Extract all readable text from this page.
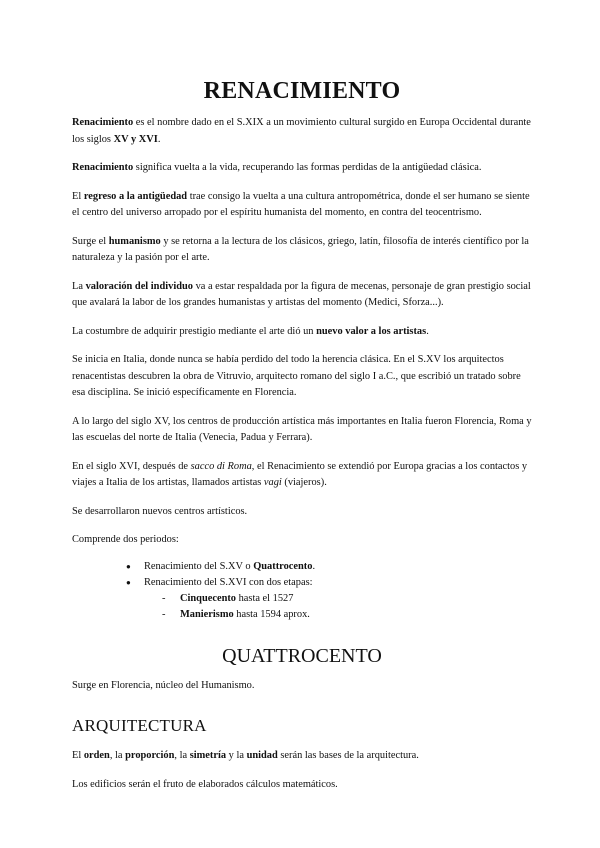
RENACIMIENTO

Renacimiento es el nombre dado en el S.XIX a un movimiento cultural surgido en Europa Occidental durante los siglos XV y XVI.

Renacimiento significa vuelta a la vida, recuperando las formas perdidas de la antigüedad clásica.

El regreso a la antigüedad trae consigo la vuelta a una cultura antropométrica, donde el ser humano se siente el centro del universo arropado por el espíritu humanista del momento, en contra del teocentrismo.

Surge el humanismo y se retorna a la lectura de los clásicos, griego, latín, filosofía de interés científico por la naturaleza y la pasión por el arte.

La valoración del individuo va a estar respaldada por la figura de mecenas, personaje de gran prestigio social que avalará la labor de los grandes humanistas y artistas del momento (Medici, Sforza...).

La costumbre de adquirir prestigio mediante el arte dió un nuevo valor a los artistas.

Se inicia en Italia, donde nunca se había perdido del todo la herencia clásica. En el S.XV los arquitectos renacentistas descubren la obra de Vitruvio, arquitecto romano del siglo I a.C., que escribió un tratado sobre esa disciplina. Se inició específicamente en Florencia.

A lo largo del siglo XV, los centros de producción artística más importantes en Italia fueron Florencia, Roma y las escuelas del norte de Italia (Venecia, Padua y Ferrara).

En el siglo XVI, después de sacco di Roma, el Renacimiento se extendió por Europa gracias a los contactos y viajes a Italia de los artistas, llamados artistas vagi (viajeros).

Se desarrollaron nuevos centros artísticos.

Comprende dos periodos:

● Renacimiento del S.XV o Quattrocento.
● Renacimiento del S.XVI con dos etapas:
- Cinquecento hasta el 1527
- Manierismo hasta 1594 aprox.
QUATTROCENTO

Surge en Florencia, núcleo del Humanismo.

ARQUITECTURA

El orden, la proporción, la simetría y la unidad serán las bases de la arquitectura.

Los edificios serán el fruto de elaborados cálculos matemáticos.
